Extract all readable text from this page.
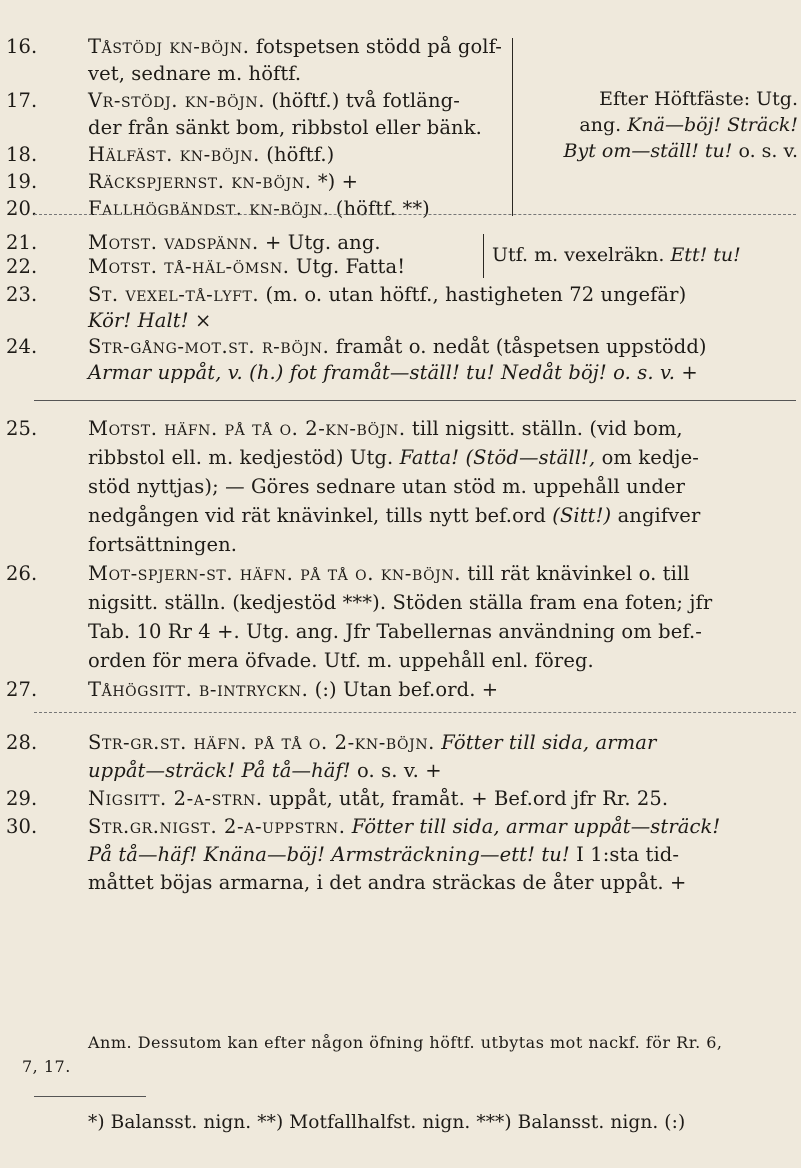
16.	Tåstödj kn-böjn. fotspetsen stödd på golf-
vet, sednare m. höftf.
17.	Vr-stödj. kn-böjn. (höftf.) två fotläng-
der från sänkt bom, ribbstol eller bänk.
18.	Hälfäst. kn-böjn. (höftf.)
19.	Räckspjernst. kn-böjn. *) +
20.	Fallhögbändst. kn-böjn. (höftf. **)
Efter Höftfäste: Utg.
ang. Knä—böj! Sträck!
Byt om—ställ! tu! o. s. v.
21.	Motst. vadspänn. + Utg. ang.
22.	Motst. tå-häl-ömsn. Utg. Fatta!	Utf. m. vexelräkn. Ett! tu!
23.	St. vexel-tå-lyft. (m. o. utan höftf., hastigheten 72 ungefär)
Kör! Halt! ×
24.	Str-gång-mot.st. r-böjn. framåt o. nedåt (tåspetsen uppstödd)
Armar uppåt, v. (h.) fot framåt—ställ! tu! Nedåt böj! o. s. v. +
25.	Motst. häfn. på tå o. 2-kn-böjn. till nigsitt. ställn. (vid bom,
ribbstol ell. m. kedjestöd) Utg. Fatta! (Stöd—ställ!, om kedje-
stöd nyttjas); — Göres sednare utan stöd m. uppehåll under
nedgången vid rät knävinkel, tills nytt bef.ord (Sitt!) angifver
fortsättningen.
26.	Mot-spjern-st. häfn. på tå o. kn-böjn. till rät knävinkel o. till
nigsitt. ställn. (kedjestöd ***). Stöden ställa fram ena foten; jfr
Tab. 10 Rr 4 +. Utg. ang. Jfr Tabellernas användning om bef.-
orden för mera öfvade. Utf. m. uppehåll enl. föreg.
27.	Tåhögsitt. b-intryckn. (:) Utan bef.ord. +
28.	Str-gr.st. häfn. på tå o. 2-kn-böjn. Fötter till sida, armar
uppåt—sträck! På tå—häf! o. s. v. +
29.	Nigsitt. 2-a-strn. uppåt, utåt, framåt. + Bef.ord jfr Rr. 25.
30.	Str.gr.nigst. 2-a-uppstrn. Fötter till sida, armar uppåt—sträck!
På tå—häf! Knäna—böj! Armsträckning—ett! tu! I 1:sta tid-
måttet böjas armarna, i det andra sträckas de åter uppåt. +
Anm. Dessutom kan efter någon öfning höftf. utbytas mot nackf. för Rr. 6,
7, 17.
*) Balansst. nign. **) Motfallhalfst. nign. ***) Balansst. nign. (:)
